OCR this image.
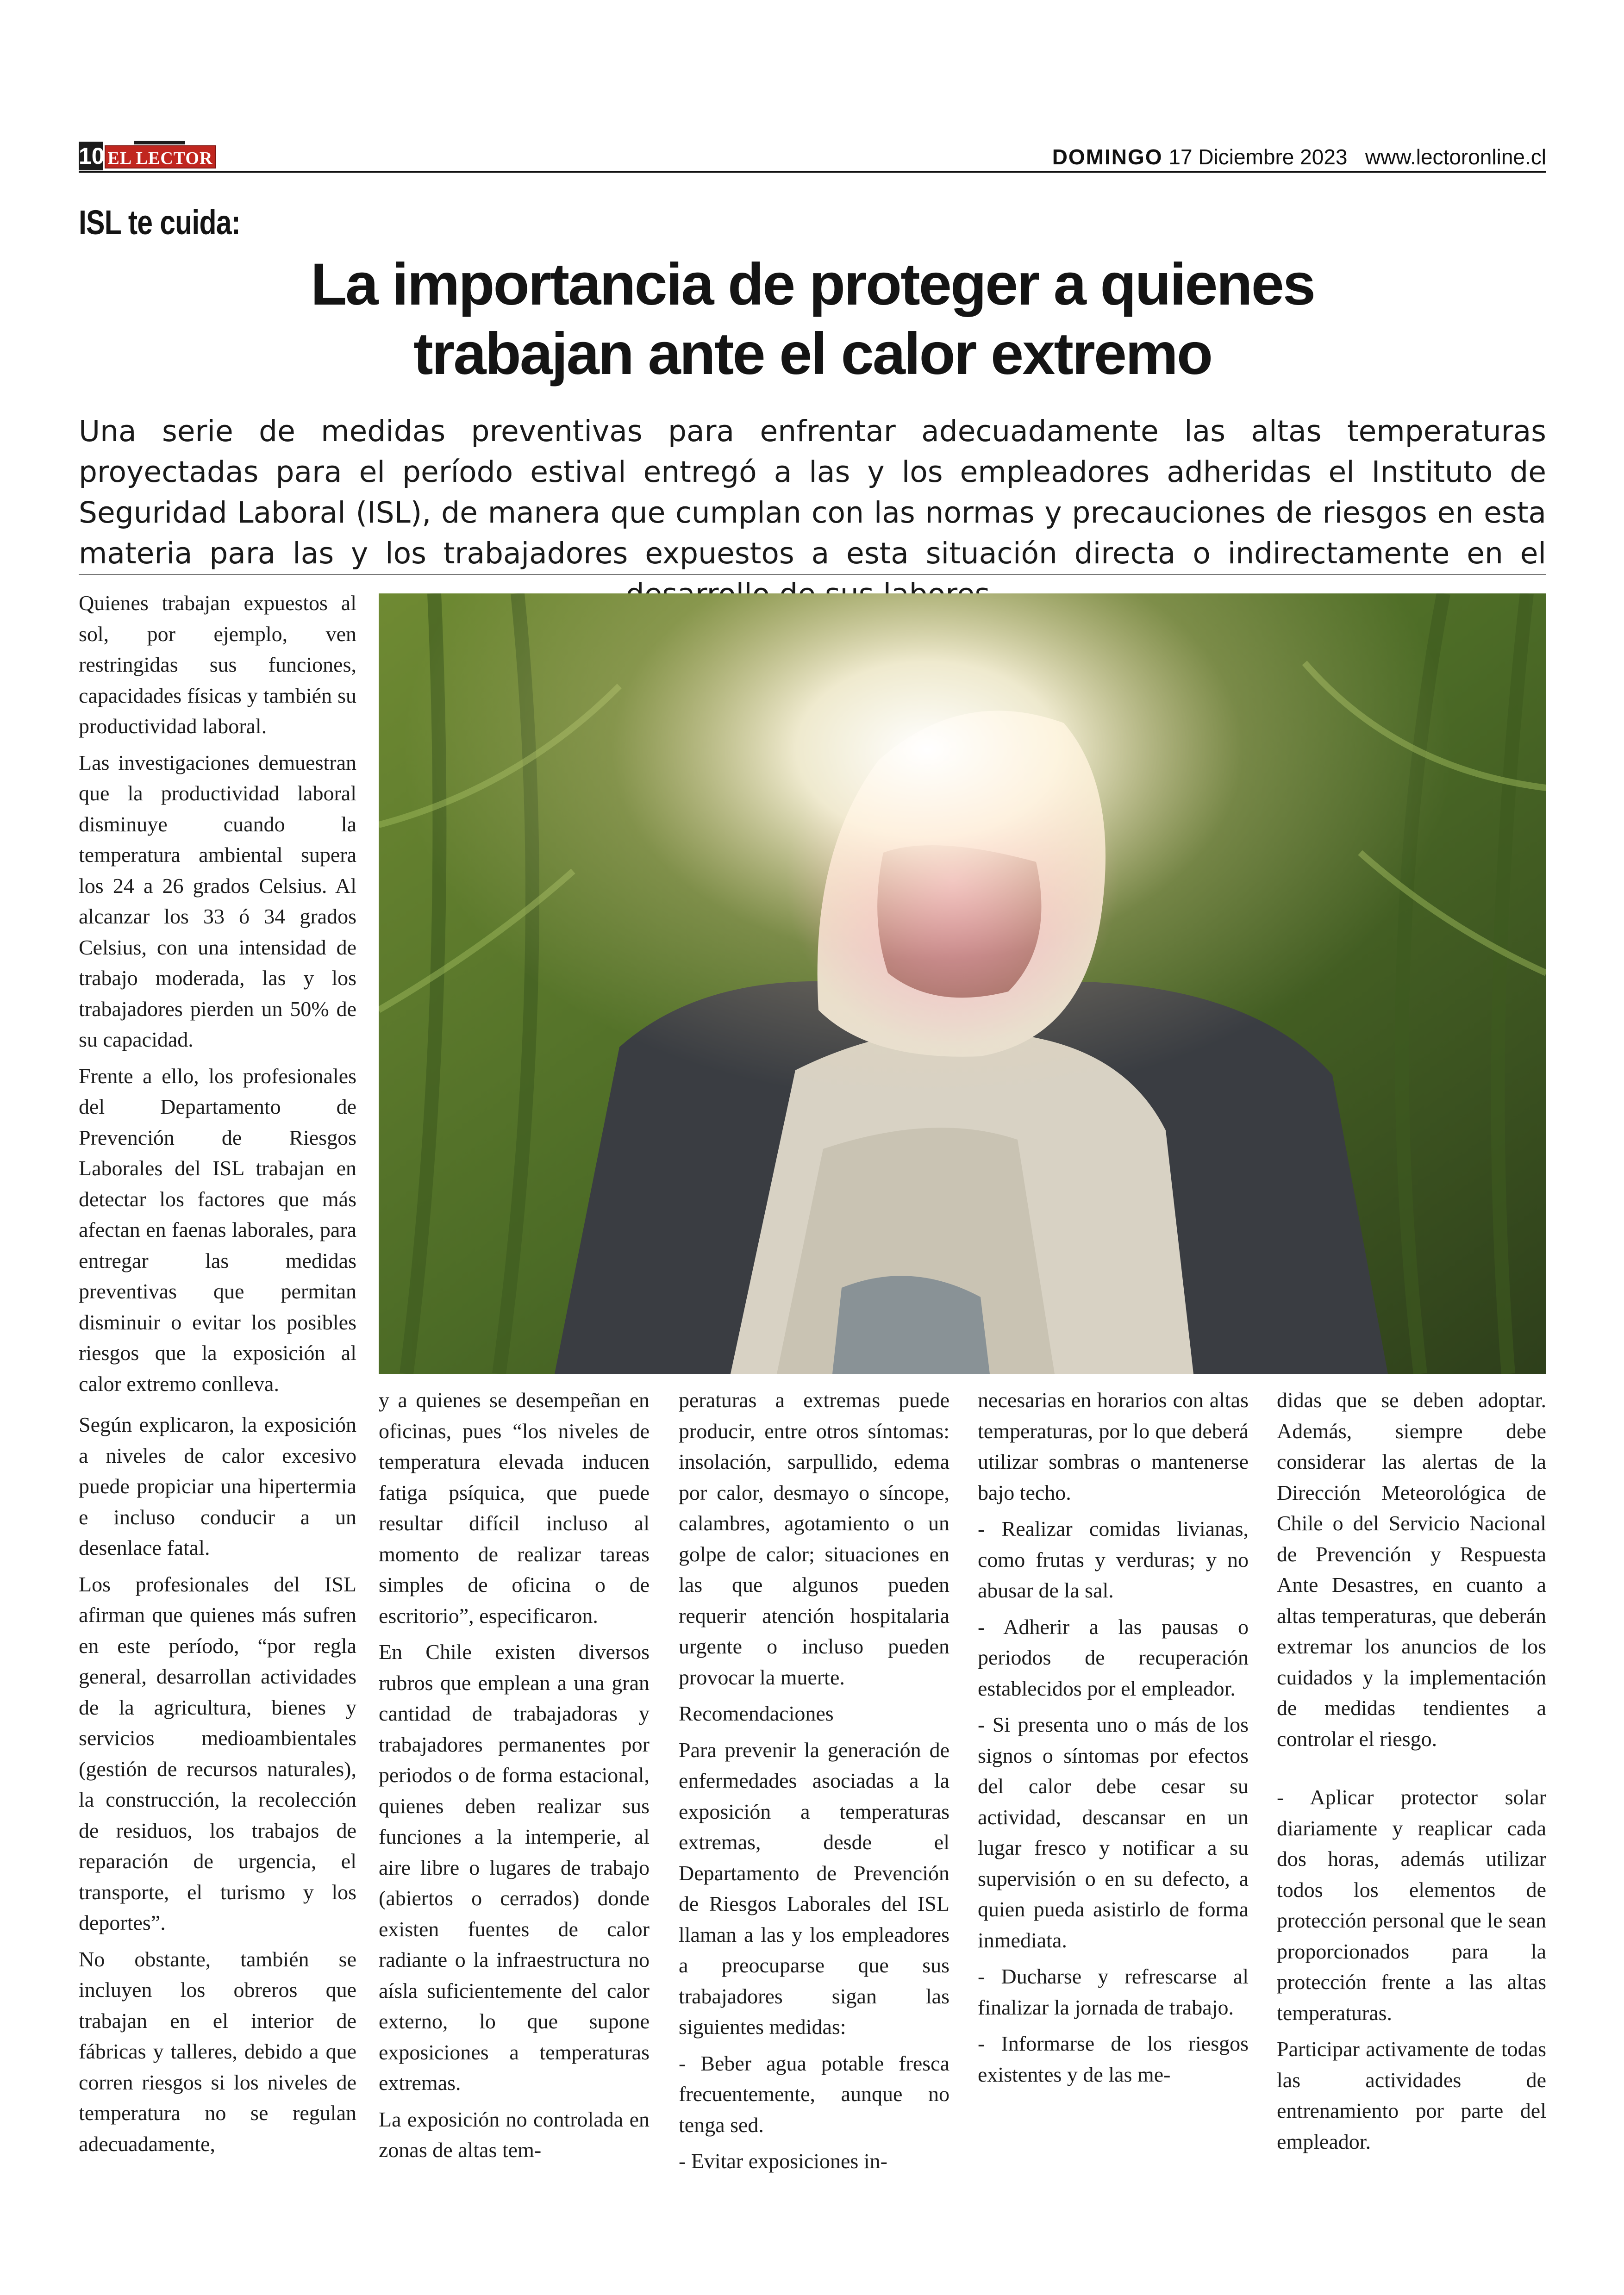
10 EL LECTOR	DOMINGO 17 Diciembre 2023 www.lectoronline.cl
ISL te cuida:
La importancia de proteger a quienes
trabajan ante el calor extremo
Una serie de medidas preventivas para enfrentar adecuadamente las altas temperaturas proyectadas para el período estival entregó a las y los empleadores adheridas el Instituto de Seguridad Laboral (ISL), de manera que cumplan con las normas y precauciones de riesgos en esta materia para las y los trabajadores expuestos a esta situación directa o indirectamente en el

Quienes trabajan expuestos al sol, por ejemplo, ven restringidas sus funciones, capacidades físicas y también su productividad laboral.

Las investigaciones demuestran que la productividad laboral disminuye cuando la temperatura ambiental supera los 24 a 26 grados Celsius. Al alcanzar los 33 ó 34 grados Celsius, con una intensidad de trabajo moderada, las y los trabajadores pierden un 50% de su capacidad.

Frente a ello, los profesionales del Departamento de Prevención de Riesgos Laborales del ISL trabajan en detectar los factores que más afectan en faenas laborales, para entregar las medidas preventivas que permitan disminuir o evitar los posibles riesgos que la exposición al calor extremo conlleva.

Según explicaron, la exposición a niveles de calor excesivo puede propiciar una hipertermia e incluso conducir a un desenlace fatal.

Los profesionales del ISL afirman que quienes más sufren en este período, “por regla general, desarrollan actividades de la agricultura, bienes y servicios medioambientales (gestión de recursos naturales), la construcción, la recolección de residuos, los trabajos de reparación de urgencia, el transporte, el turismo y los deportes”.

No obstante, también se incluyen los obreros que trabajan en el interior de fábricas y talleres, debido a que corren riesgos si los niveles de temperatura no se regulan adecuadamente,

y a quienes se desempeñan en oficinas, pues “los niveles de temperatura elevada inducen fatiga psíquica, que puede resultar difícil incluso al momento de realizar tareas simples de oficina o de escritorio”, especificaron.

En Chile existen diversos rubros que emplean a una gran cantidad de trabajadoras y trabajadores permanentes por periodos o de forma estacional, quienes deben realizar sus funciones a la intemperie, al aire libre o lugares de trabajo (abiertos o cerrados) donde existen fuentes de calor radiante o la infraestructura no aísla suficientemente del calor externo, lo que supone exposiciones a temperaturas extremas.

La exposición no controlada en zonas de altas tem-

peraturas a extremas puede producir, entre otros síntomas: insolación, sarpullido, edema por calor, desmayo o síncope, calambres, agotamiento o un golpe de calor; situaciones en las que algunos pueden requerir atención hospitalaria urgente o incluso pueden provocar la muerte.

Recomendaciones

Para prevenir la generación de enfermedades asociadas a la exposición a temperaturas extremas, desde el Departamento de Prevención de Riesgos Laborales del ISL llaman a las y los empleadores a preocuparse que sus trabajadores sigan las siguientes medidas:

- Beber agua potable fresca frecuentemente, aunque no tenga sed.

- Evitar exposiciones in-

necesarias en horarios con altas temperaturas, por lo que deberá utilizar sombras o mantenerse bajo techo.

- Realizar comidas livianas, como frutas y verduras; y no abusar de la sal.

- Adherir a las pausas o periodos de recuperación establecidos por el empleador.

- Si presenta uno o más de los signos o síntomas por efectos del calor debe cesar su actividad, descansar en un lugar fresco y notificar a su supervisión o en su defecto, a quien pueda asistirlo de forma inmediata.

- Ducharse y refrescarse al finalizar la jornada de trabajo.

- Informarse de los riesgos existentes y de las me-

didas que se deben adoptar. Además, siempre debe considerar las alertas de la Dirección Meteorológica de Chile o del Servicio Nacional de Prevención y Respuesta Ante Desastres, en cuanto a altas temperaturas, que deberán extremar los anuncios de los cuidados y la implementación de medidas tendientes a controlar el riesgo.

- Aplicar protector solar diariamente y reaplicar cada dos horas, además utilizar todos los elementos de protección personal que le sean proporcionados para la protección frente a las altas temperaturas.

Participar activamente de todas las actividades de entrenamiento por parte del empleador.
